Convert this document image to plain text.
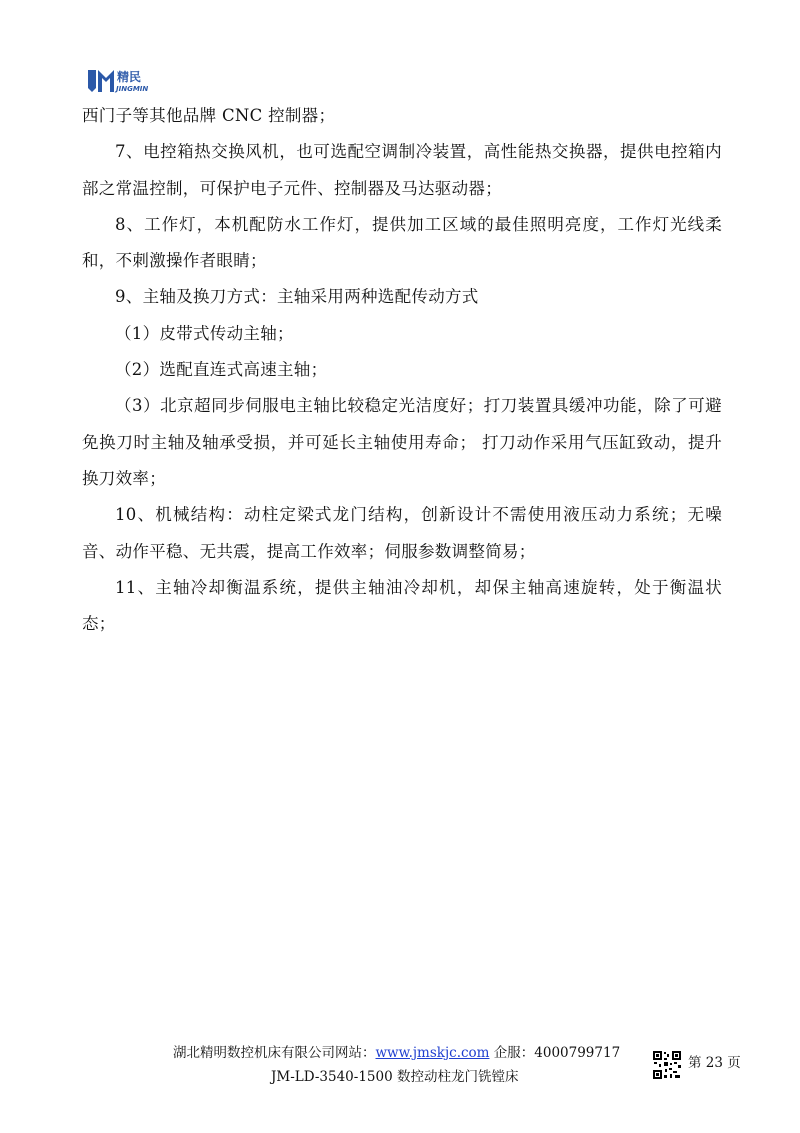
精民
JINGMIN

西门子等其他品牌 CNC 控制器；

7、电控箱热交换风机，也可选配空调制冷装置，高性能热交换器，提供电控箱内部之常温控制，可保护电子元件、控制器及马达驱动器；

8、工作灯，本机配防水工作灯，提供加工区域的最佳照明亮度，工作灯光线柔和，不刺激操作者眼睛；

9、主轴及换刀方式：主轴采用两种选配传动方式

（1）皮带式传动主轴；

（2）选配直连式高速主轴；

（3）北京超同步伺服电主轴比较稳定光洁度好；打刀装置具缓冲功能，除了可避免换刀时主轴及轴承受损，并可延长主轴使用寿命； 打刀动作采用气压缸致动，提升换刀效率；

10、机械结构：动柱定梁式龙门结构，创新设计不需使用液压动力系统；无噪音、动作平稳、无共震，提高工作效率；伺服参数调整简易；

11、主轴冷却衡温系统，提供主轴油冷却机，却保主轴高速旋转，处于衡温状态；

湖北精明数控机床有限公司网站：www.jmskjc.com 企服：4000799717
JM-LD-3540-1500 数控动柱龙门铣镗床
第 23 页
